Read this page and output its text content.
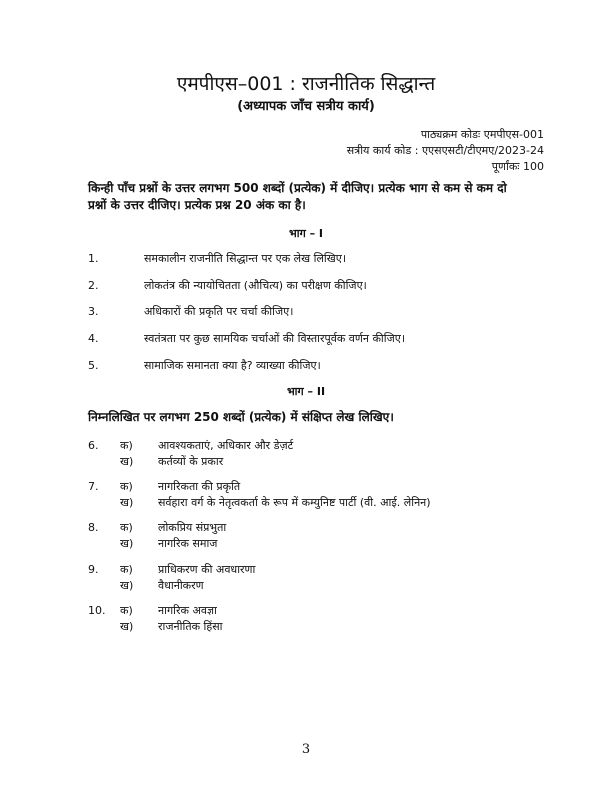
एमपीएस–001 : राजनीतिक सिद्धान्त
(अध्यापक जाँच सत्रीय कार्य)
पाठ्यक्रम कोडः एमपीएस-001
सत्रीय कार्य कोड : एएसएसटी/टीएमए/2023-24
पूर्णांकः 100
किन्ही पाँच प्रश्नों के उत्तर लगभग 500 शब्दों (प्रत्येक) में दीजिए। प्रत्येक भाग से कम से कम दो प्रश्नों के उत्तर दीजिए। प्रत्येक प्रश्न 20 अंक का है।
भाग – I
1.	समकालीन राजनीति सिद्धान्त पर एक लेख लिखिए।
2.	लोकतंत्र की न्यायोचितता (औचित्य) का परीक्षण कीजिए।
3.	अधिकारों की प्रकृति पर चर्चा कीजिए।
4.	स्वतंत्रता पर कुछ सामयिक चर्चाओं की विस्तारपूर्वक वर्णन कीजिए।
5.	सामाजिक समानता क्या है? व्याख्या कीजिए।
भाग – II
निम्नलिखित पर लगभग 250 शब्दों (प्रत्येक) में संक्षिप्त लेख लिखिए।
6. क) आवश्यकताएं, अधिकार और डेज़र्ट
ख) कर्तव्यों के प्रकार
7. क) नागरिकता की प्रकृति
ख) सर्वहारा वर्ग के नेतृत्वकर्ता के रूप में कम्युनिष्ट पार्टी (वी. आई. लेनिन)
8. क) लोकप्रिय संप्रभुता
ख) नागरिक समाज
9. क) प्राधिकरण की अवधारणा
ख) वैधानीकरण
10. क) नागरिक अवज्ञा
ख) राजनीतिक हिंसा
3
